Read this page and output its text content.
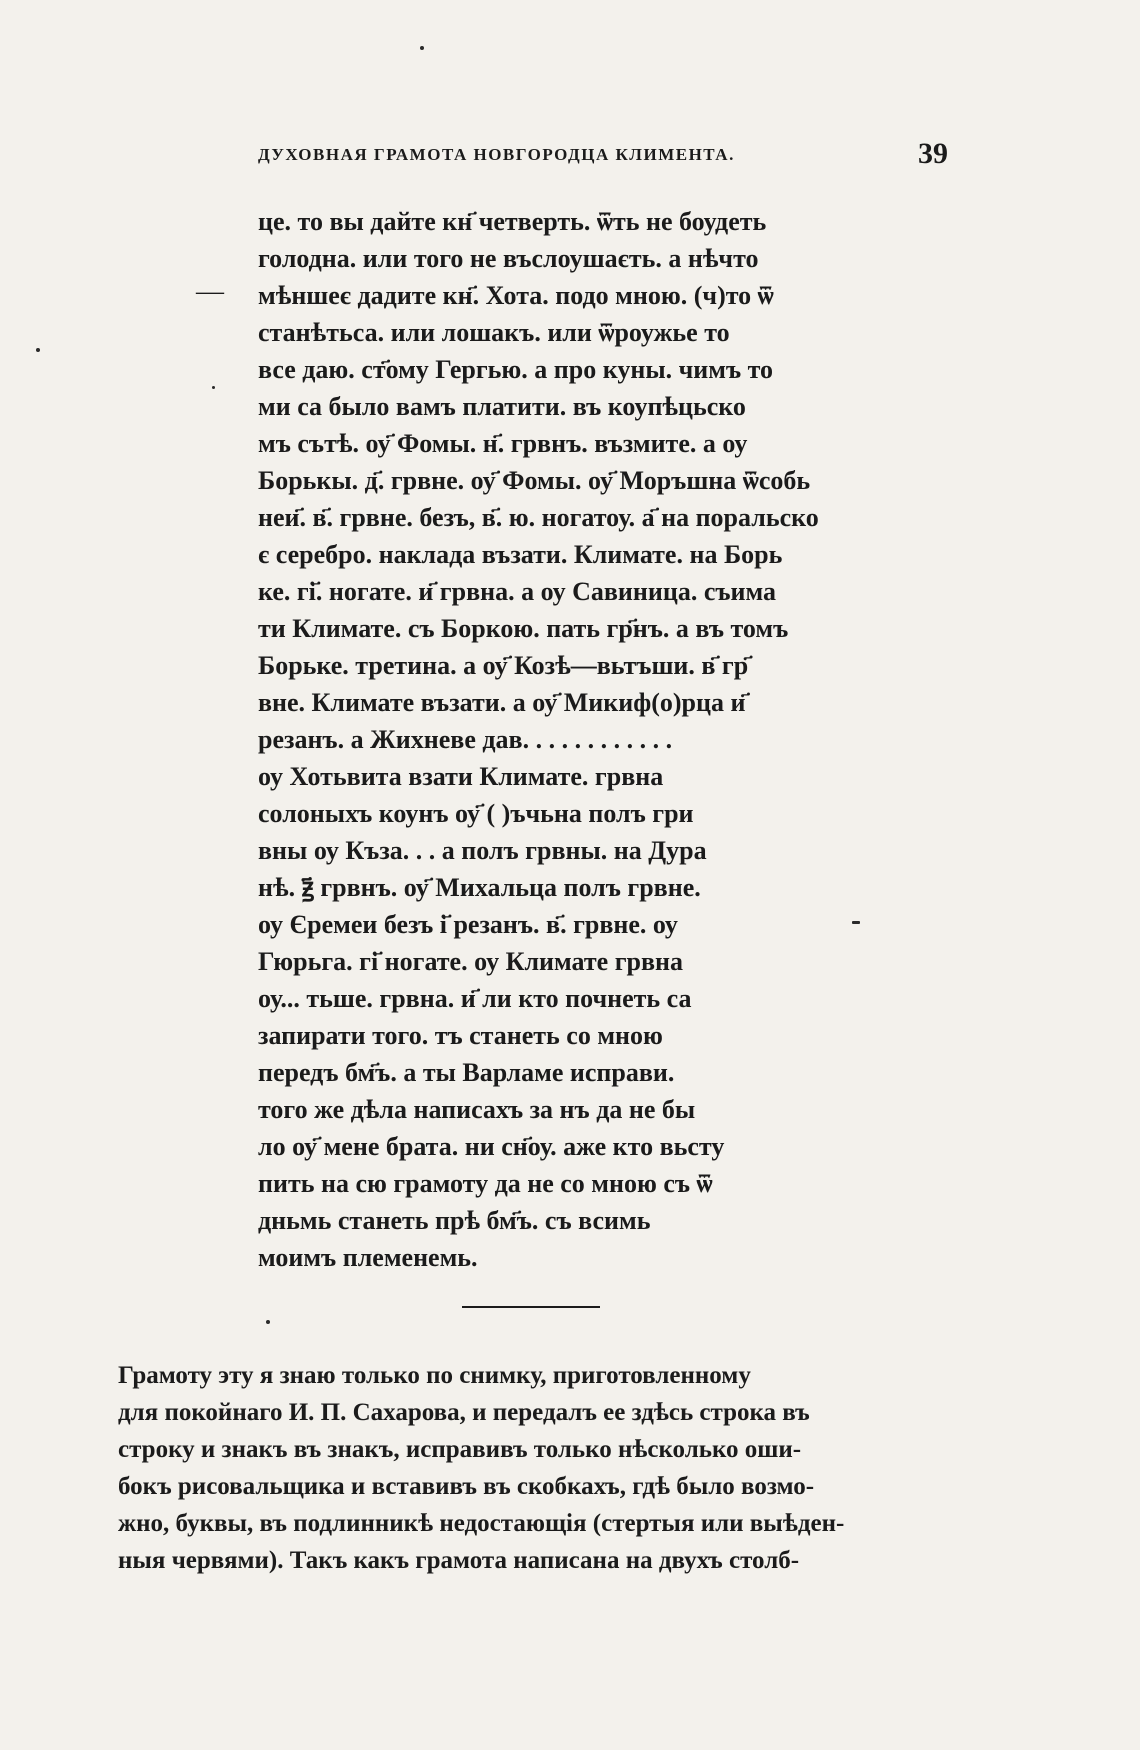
ДУХОВНАЯ ГРАМОТА НОВГОРОДЦА КЛИМЕНТА.	39
—
це. то вы дайте кн҃ четверть. ѿть не боудеть
голодна. или того не въслоушаєть. а нѣчто
мѣншеє дадите кн҃. Хота. подо мною. (ч)то ѿ
станѣтьса. или лошакъ. или ѿроужье то
все даю. ст҃ому Гергью. а про куны. чимъ то
ми са было вамъ платити. въ коупѣцьско
мъ сътѣ. оу҃ Фомы. н҃. грвнъ. възмите. а оу
Борькы. д҃. грвне. оу҃ Фомы. оу҃ Моръшна ѿсобь
неи҃. в҃. грвне. безъ, в҃. ю. ногатоу. а҃ на поральско
є серебро. наклада възати. Климате. на Борь
ке. гі҃. ногате. и҃ грвна. а оу Савиница. съима
ти Климате. съ Боркою. пать гр҃нъ. а въ томъ
Борьке. третина. а оу҃ Козѣ—вьтъши. в҃ гр҃
вне. Климате възати. а оу҃ Микиф(о)рца и҃
резанъ. а Жихневе дав. . . . . . . . . . . .
оу Хотьвита взати Климате. грвна
солоныхъ коунъ оу҃ ( )ъчьна полъ гри
вны оу Къза. . . а полъ грвны. на Дура
нѣ. ꙃ҃ грвнъ. оу҃ Михальца полъ грвне.
оу Єремеи безъ і҃ резанъ. в҃. грвне. оу
Гюрьга. гі҃ ногате. оу Климате грвна
оу... тьше. грвна. и҃ ли кто почнеть са
запирати того. тъ станеть со мною
передъ бм҃ъ. а ты Варламе исправи.
того же дѣла написахъ за нъ да не бы
ло оу҃ мене брата. ни сн҃оу. аже кто вьсту
пить на сю грамоту да не со мною съ ѿ
дньмь станеть прѣ бм҃ъ. съ всимь
моимъ племенемь.
Грамоту эту я знаю только по снимку, приготовленному
для покойнаго И. П. Сахарова, и передалъ ее здѣсь строка въ
строку и знакъ въ знакъ, исправивъ только нѣсколько оши-
бокъ рисовальщика и вставивъ въ скобкахъ, гдѣ было возмо-
жно, буквы, въ подлинникѣ недостающія (стертыя или выѣден-
ныя червями). Такъ какъ грамота написана на двухъ столб-
